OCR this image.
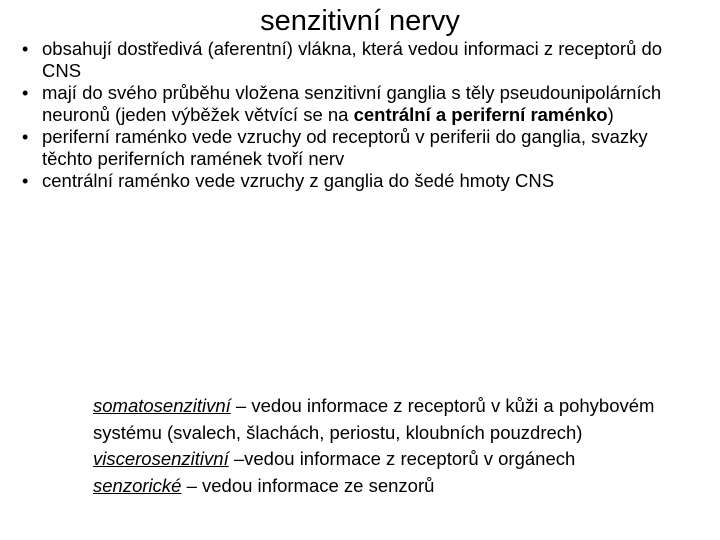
senzitivní nervy
• obsahují dostředivá (aferentní) vlákna, která vedou informaci z receptorů do CNS
• mají do svého průběhu vložena senzitivní ganglia s těly pseudounipolárních neuronů (jeden výběžek větvící se na centrální a periferní raménko)
• periferní raménko vede vzruchy od receptorů v periferii do ganglia, svazky těchto periferních ramének tvoří nerv
• centrální raménko vede vzruchy z ganglia do šedé hmoty CNS
somatosenzitivní – vedou informace z receptorů v kůži a pohybovém systému (svalech, šlachách, periostu, kloubních pouzdrech)
viscerosenzitivní –vedou informace z receptorů v orgánech
senzorické – vedou informace ze senzorů
